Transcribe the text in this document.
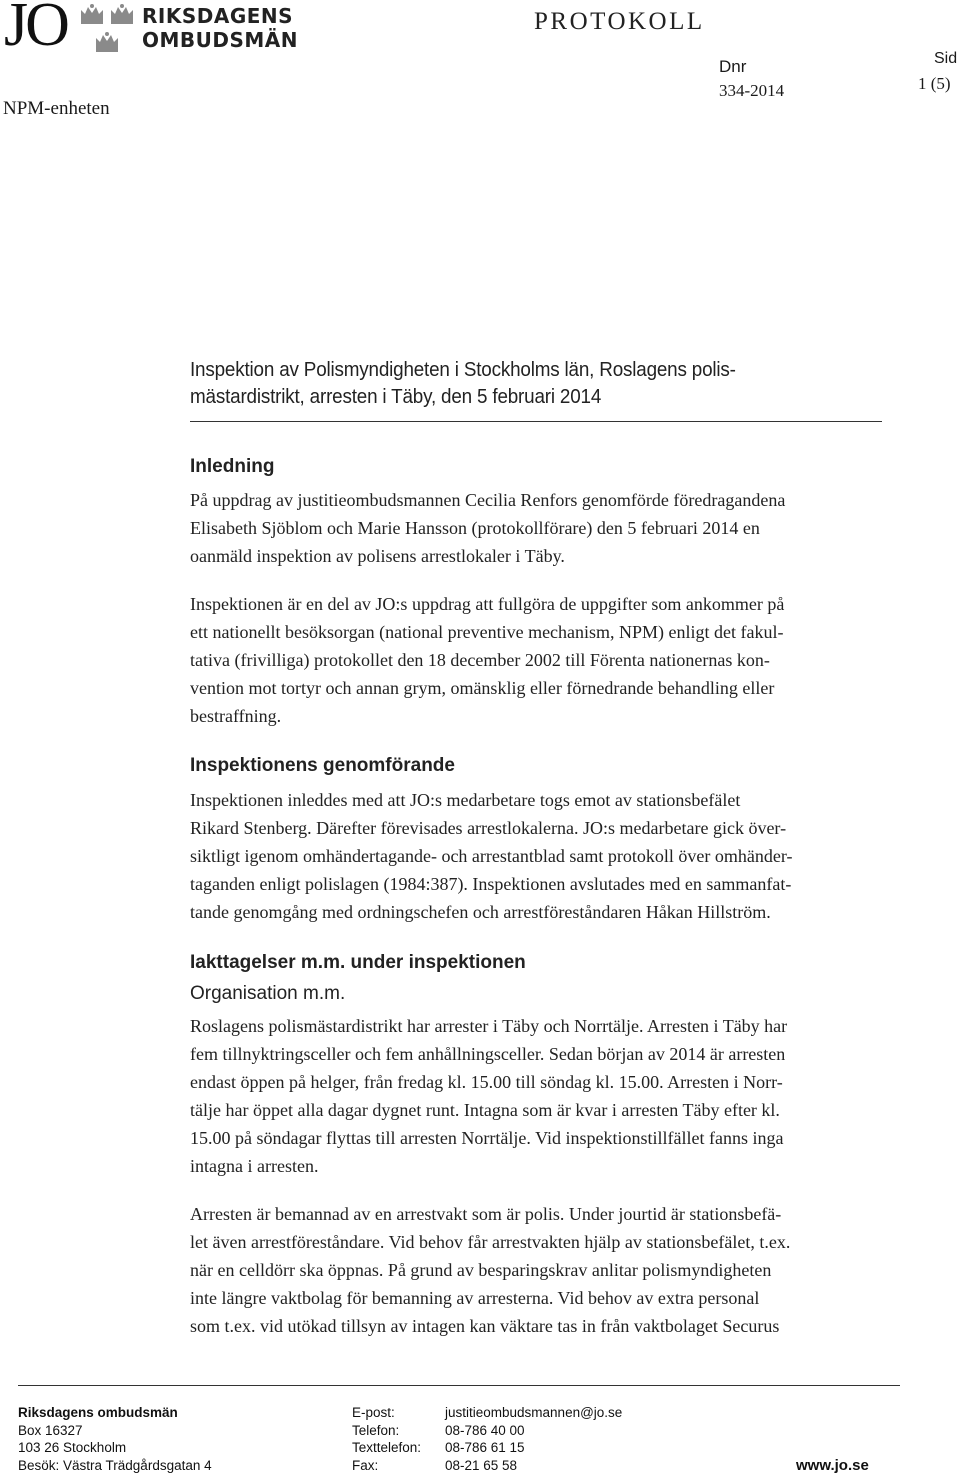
JO	RIKSDAGENS
OMBUDSMÄN
PROTOKOLL
NPM-enheten
Dnr
334-2014
Sid
1 (5)
Inspektion av Polismyndigheten i Stockholms län, Roslagens polis-
mästardistrikt, arresten i Täby, den 5 februari 2014
Inledning
På uppdrag av justitieombudsmannen Cecilia Renfors genomförde föredragandena
Elisabeth Sjöblom och Marie Hansson (protokollförare) den 5 februari 2014 en
oanmäld inspektion av polisens arrestlokaler i Täby.
Inspektionen är en del av JO:s uppdrag att fullgöra de uppgifter som ankommer på
ett nationellt besöksorgan (national preventive mechanism, NPM) enligt det fakul-
tativa (frivilliga) protokollet den 18 december 2002 till Förenta nationernas kon-
vention mot tortyr och annan grym, omänsklig eller förnedrande behandling eller
bestraffning.
Inspektionens genomförande
Inspektionen inleddes med att JO:s medarbetare togs emot av stationsbefälet
Rikard Stenberg. Därefter förevisades arrestlokalerna. JO:s medarbetare gick över-
siktligt igenom omhändertagande- och arrestantblad samt protokoll över omhänder-
taganden enligt polislagen (1984:387). Inspektionen avslutades med en sammanfat-
tande genomgång med ordningschefen och arrestföreståndaren Håkan Hillström.
Iakttagelser m.m. under inspektionen
Organisation m.m.
Roslagens polismästardistrikt har arrester i Täby och Norrtälje. Arresten i Täby har
fem tillnyktringsceller och fem anhållningsceller. Sedan början av 2014 är arresten
endast öppen på helger, från fredag kl. 15.00 till söndag kl. 15.00. Arresten i Norr-
tälje har öppet alla dagar dygnet runt. Intagna som är kvar i arresten Täby efter kl.
15.00 på söndagar flyttas till arresten Norrtälje. Vid inspektionstillfället fanns inga
intagna i arresten.
Arresten är bemannad av en arrestvakt som är polis. Under jourtid är stationsbefä-
let även arrestföreståndare. Vid behov får arrestvakten hjälp av stationsbefälet, t.ex.
när en celldörr ska öppnas. På grund av besparingskrav anlitar polismyndigheten
inte längre vaktbolag för bemanning av arresterna. Vid behov av extra personal
som t.ex. vid utökad tillsyn av intagen kan väktare tas in från vaktbolaget Securus
Riksdagens ombudsmän
Box 16327
103 26 Stockholm
Besök: Västra Trädgårdsgatan 4
E-post:
Telefon:
Texttelefon:
Fax:
justitieombudsmannen@jo.se
08-786 40 00
08-786 61 15
08-21 65 58	www.jo.se
